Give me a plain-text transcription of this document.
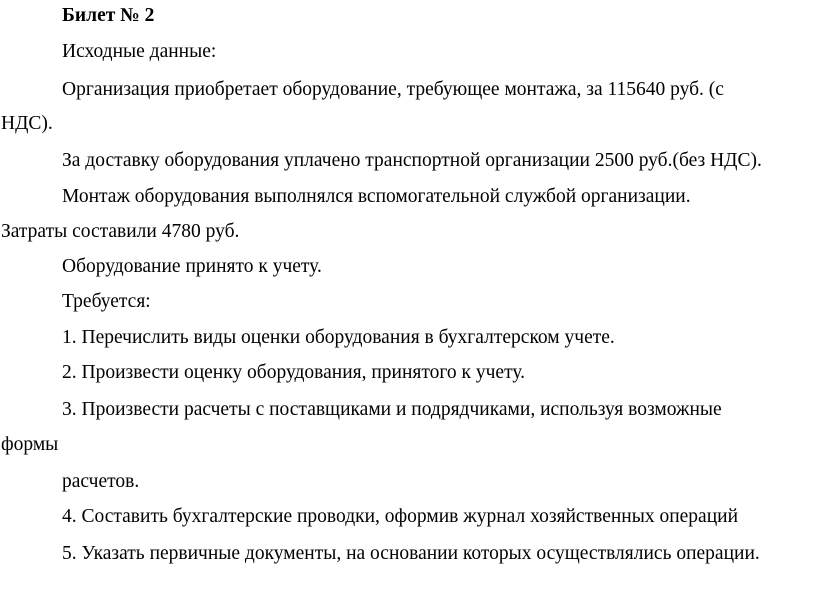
Билет № 2

Исходные данные:

Организация приобретает оборудование, требующее монтажа, за 115640 руб. (с

НДС).

За доставку оборудования уплачено транспортной организации 2500 руб.(без НДС).

Монтаж оборудования выполнялся вспомогательной службой организации.

Затраты составили 4780 руб.

Оборудование принято к учету.

Требуется:

1. Перечислить виды оценки оборудования в бухгалтерском учете.

2. Произвести оценку оборудования, принятого к учету.

3. Произвести расчеты с поставщиками и подрядчиками, используя возможные

формы

расчетов.

4. Составить бухгалтерские проводки, оформив журнал хозяйственных операций

5. Указать первичные документы, на основании которых осуществлялись операции.
